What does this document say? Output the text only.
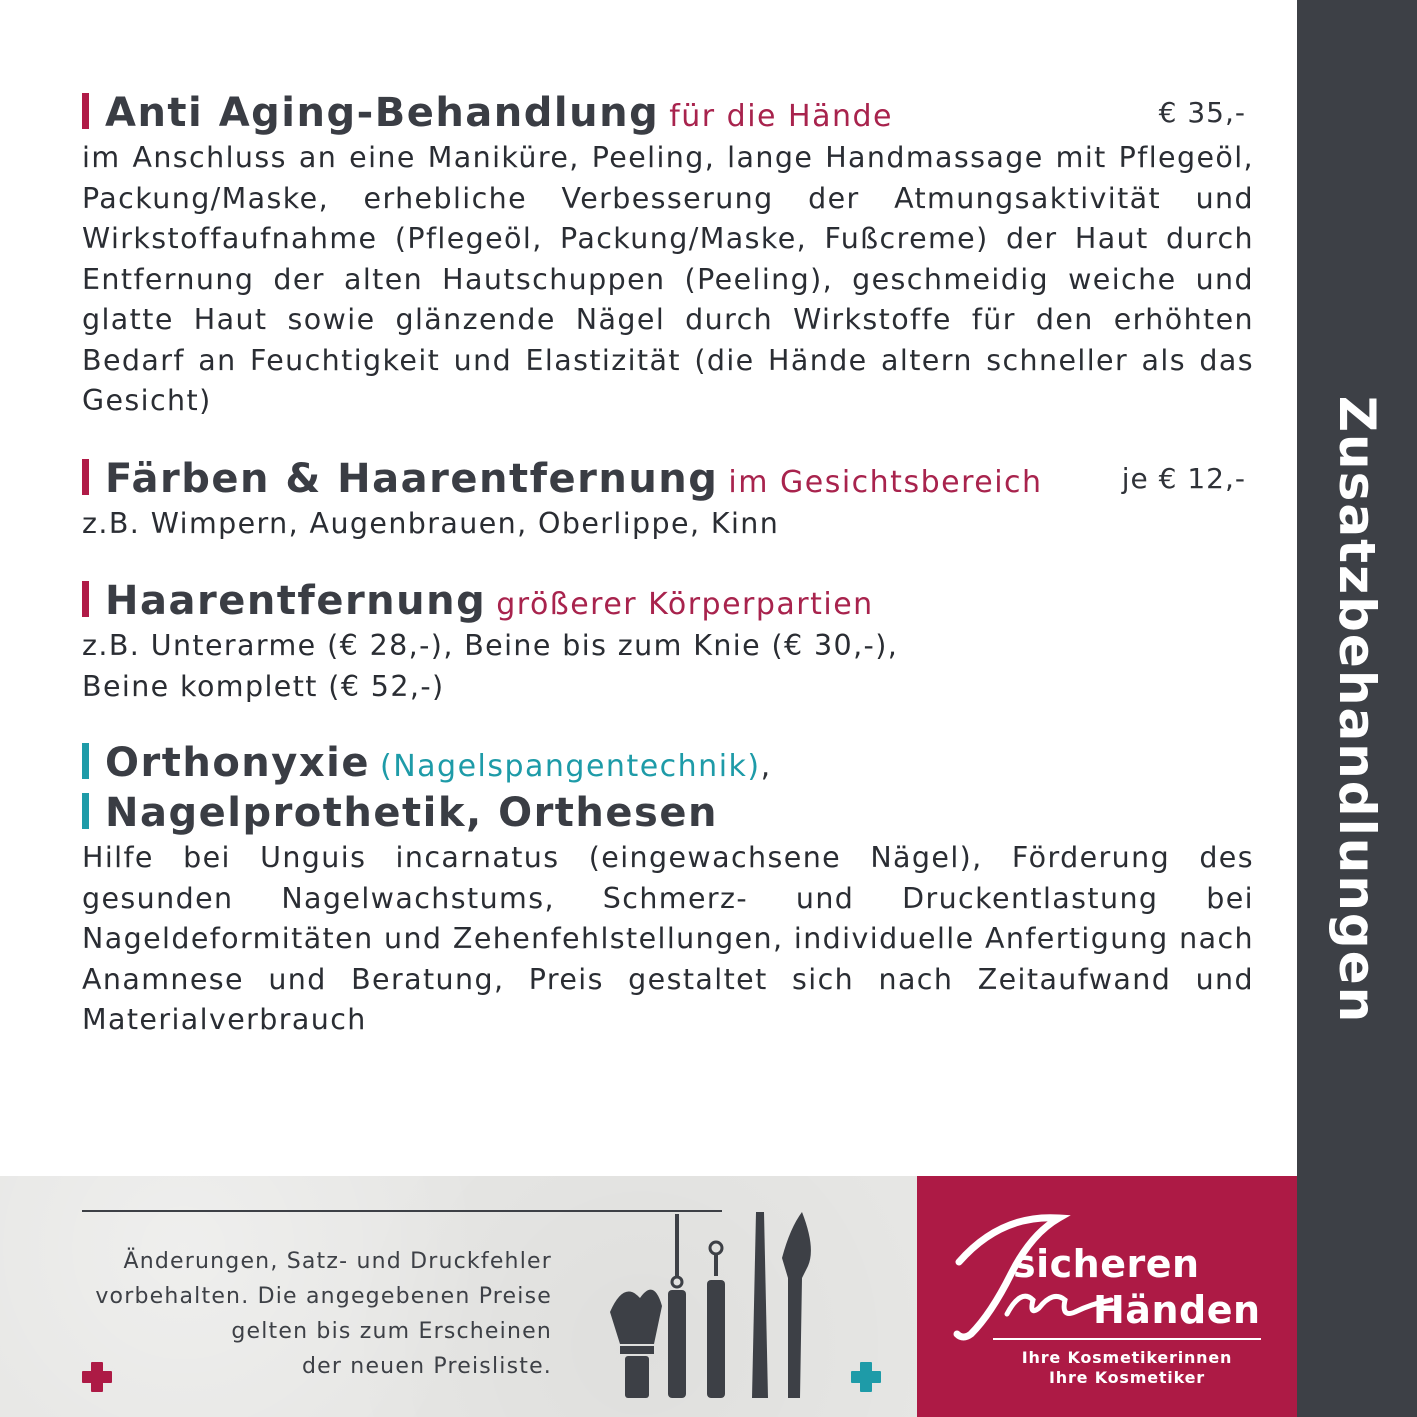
Zusatzbehandlungen
Anti Aging-Behandlung für die Hände	€ 35,-

im Anschluss an eine Maniküre, Peeling, lange Handmassage mit Pflegeöl, Packung/Maske, erhebliche Verbesserung der Atmungsaktivität und Wirkstoffaufnahme (Pflegeöl, Packung/Maske, Fußcreme) der Haut durch Entfernung der alten Hautschuppen (Peeling), geschmeidig weiche und glatte Haut sowie glänzende Nägel durch Wirkstoffe für den erhöhten Bedarf an Feuchtigkeit und Elastizität (die Hände altern schneller als das Gesicht)

Färben & Haarentfernung im Gesichtsbereich	je € 12,-

z.B. Wimpern, Augenbrauen, Oberlippe, Kinn

Haarentfernung größerer Körperpartien

z.B. Unterarme (€ 28,-), Beine bis zum Knie (€ 30,-),

Beine komplett (€ 52,-)

Orthonyxie (Nagelspangentechnik),
Nagelprothetik, Orthesen

Hilfe bei Unguis incarnatus (eingewachsene Nägel), Förderung des gesunden Nagelwachstums, Schmerz- und Druckentlastung bei Nageldeformitäten und Zehenfehlstellungen, individuelle Anfertigung nach Anamnese und Beratung, Preis gestaltet sich nach Zeitaufwand und Materialverbrauch

Änderungen, Satz- und Druckfehler
vorbehalten. Die angegebenen Preise
gelten bis zum Erscheinen
der neuen Preisliste.
sicheren
Händen
Ihre Kosmetikerinnen
Ihre Kosmetiker
